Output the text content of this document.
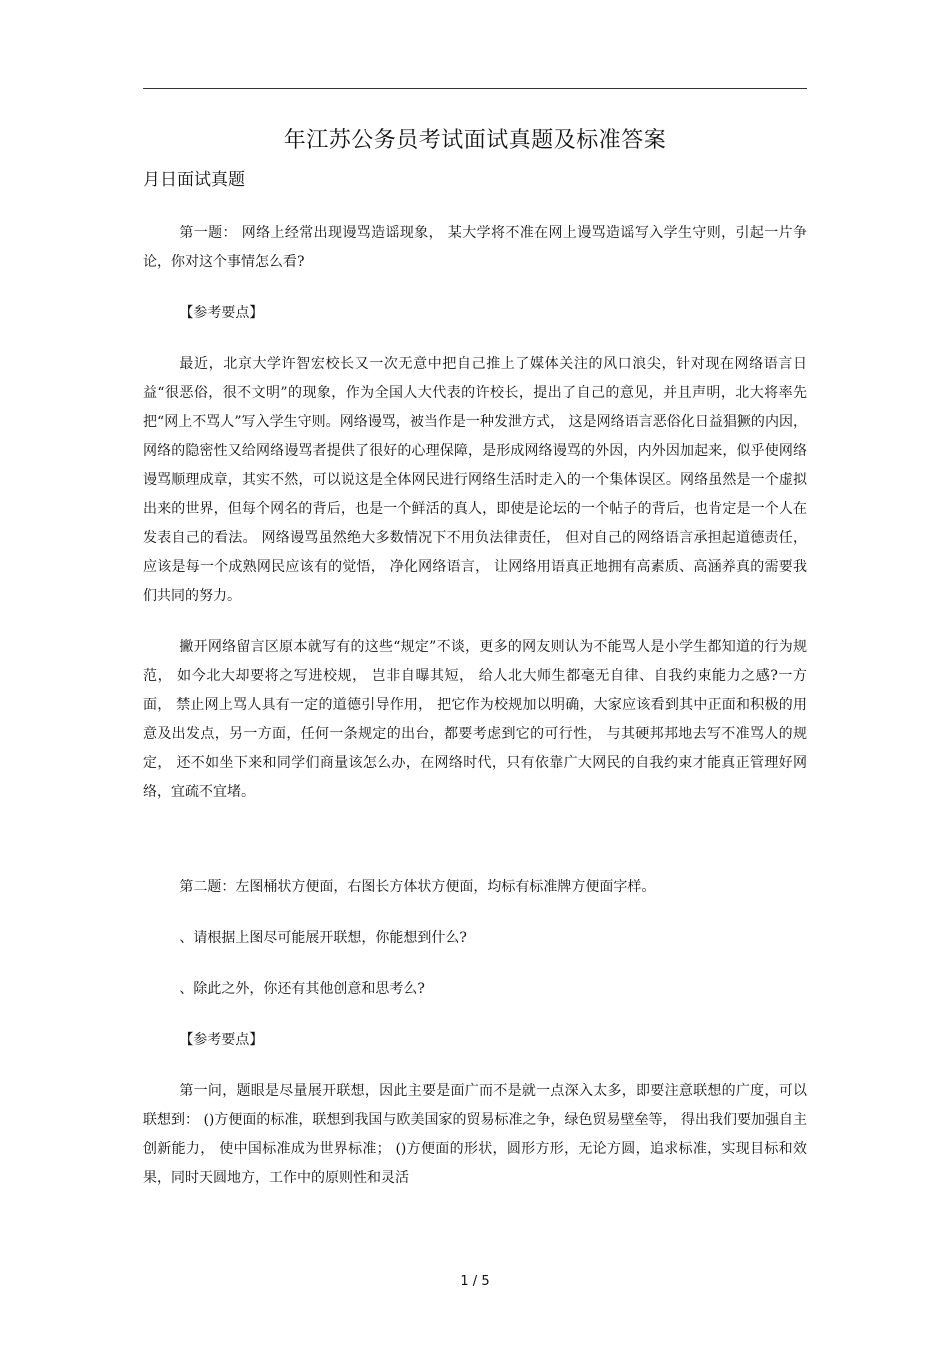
年江苏公务员考试面试真题及标准答案
月日面试真题

第一题： 网络上经常出现谩骂造谣现象， 某大学将不准在网上谩骂造谣写入学生守则，引起一片争论，你对这个事情怎么看?

【参考要点】

最近，北京大学许智宏校长又一次无意中把自己推上了媒体关注的风口浪尖，针对现在网络语言日益“很恶俗，很不文明”的现象，作为全国人大代表的许校长，提出了自己的意见，并且声明，北大将率先把“网上不骂人”写入学生守则。网络谩骂，被当作是一种发泄方式， 这是网络语言恶俗化日益猖獗的内因， 网络的隐密性又给网络谩骂者提供了很好的心理保障，是形成网络谩骂的外因，内外因加起来，似乎使网络谩骂顺理成章，其实不然，可以说这是全体网民进行网络生活时走入的一个集体误区。网络虽然是一个虚拟出来的世界，但每个网名的背后，也是一个鲜活的真人，即使是论坛的一个帖子的背后，也肯定是一个人在发表自己的看法。 网络谩骂虽然绝大多数情况下不用负法律责任， 但对自己的网络语言承担起道德责任， 应该是每一个成熟网民应该有的觉悟， 净化网络语言， 让网络用语真正地拥有高素质、高涵养真的需要我们共同的努力。

撇开网络留言区原本就写有的这些“规定”不谈，更多的网友则认为不能骂人是小学生都知道的行为规范， 如今北大却要将之写进校规， 岂非自曝其短， 给人北大师生都毫无自律、自我约束能力之感?一方面， 禁止网上骂人具有一定的道德引导作用， 把它作为校规加以明确，大家应该看到其中正面和积极的用意及出发点，另一方面，任何一条规定的出台，都要考虑到它的可行性， 与其硬邦邦地去写不准骂人的规定， 还不如坐下来和同学们商量该怎么办，在网络时代，只有依靠广大网民的自我约束才能真正管理好网络，宜疏不宜堵。

第二题：左图桶状方便面，右图长方体状方便面，均标有标准牌方便面字样。

、请根据上图尽可能展开联想，你能想到什么?

、除此之外，你还有其他创意和思考么?

【参考要点】

第一问，题眼是尽量展开联想，因此主要是面广而不是就一点深入太多，即要注意联想的广度，可以联想到： ()方便面的标准，联想到我国与欧美国家的贸易标准之争，绿色贸易壁垒等， 得出我们要加强自主创新能力， 使中国标准成为世界标准； ()方便面的形状，圆形方形，无论方圆，追求标准，实现目标和效果，同时天圆地方，工作中的原则性和灵活

1 / 5
